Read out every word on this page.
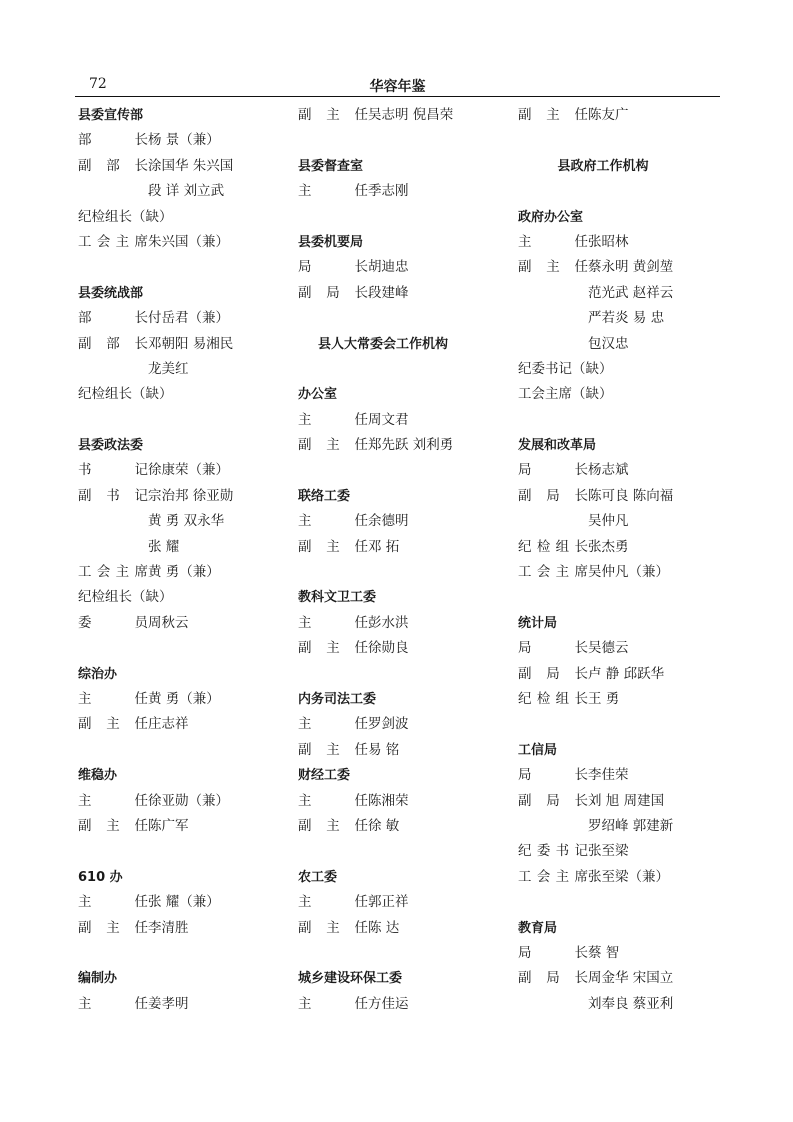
72	华容年鉴
县委宣传部
部长杨 景（兼）
副部长涂国华 朱兴国
段 详 刘立武
纪检组长（缺）
工会主席朱兴国（兼）
县委统战部
部长付岳君（兼）
副部长邓朝阳 易湘民
龙美红
纪检组长（缺）
县委政法委
书记徐康荣（兼）
副书记宗治邦 徐亚勋
黄 勇 双永华
张 耀
工会主席黄 勇（兼）
纪检组长（缺）
委员周秋云
综治办
主任黄 勇（兼）
副主任庄志祥
维稳办
主任徐亚勋（兼）
副主任陈广军
610 办
主任张 耀（兼）
副主任李清胜
编制办
主任姜孝明
副主任吴志明 倪昌荣
县委督查室
主任季志刚
县委机要局
局长胡迪忠
副局长段建峰
县人大常委会工作机构
办公室
主任周文君
副主任郑先跃 刘利勇
联络工委
主任余德明
副主任邓 拓
教科文卫工委
主任彭水洪
副主任徐勋良
内务司法工委
主任罗剑波
副主任易 铭
财经工委
主任陈湘荣
副主任徐 敏
农工委
主任郭正祥
副主任陈 达
城乡建设环保工委
主任方佳运
副主任陈友广
县政府工作机构
政府办公室
主任张昭林
副主任蔡永明 黄剑堃
范光武 赵祥云
严若炎 易 忠
包汉忠
纪委书记（缺）
工会主席（缺）
发展和改革局
局长杨志斌
副局长陈可良 陈向福
吴仲凡
纪检组长张杰勇
工会主席吴仲凡（兼）
统计局
局长吴德云
副局长卢 静 邱跃华
纪检组长王 勇
工信局
局长李佳荣
副局长刘 旭 周建国
罗绍峰 郭建新
纪委书记张至梁
工会主席张至梁（兼）
教育局
局长蔡 智
副局长周金华 宋国立
刘奉良 蔡亚利
